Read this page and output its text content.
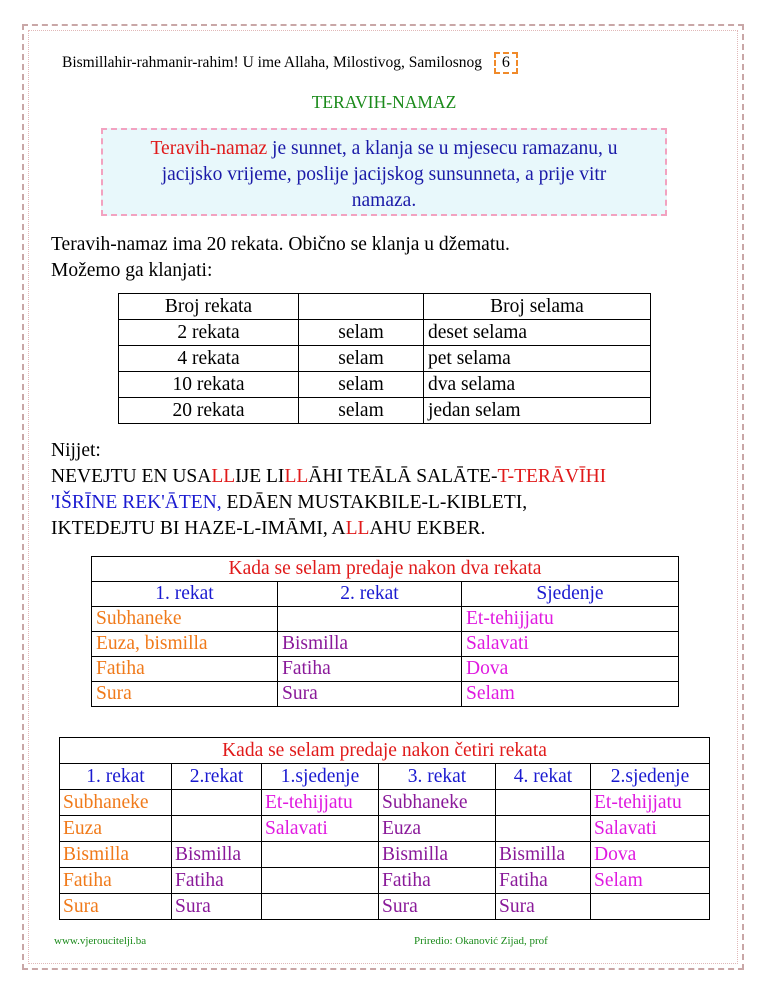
Bismillahir-rahmanir-rahim! U ime Allaha, Milostivog, Samilosnog 6
TERAVIH-NAMAZ
Teravih-namaz je sunnet, a klanja se u mjesecu ramazanu, u
jacijsko vrijeme, poslije jacijskog sunsunneta, a prije vitr
namaza.
Teravih-namaz ima 20 rekata. Obično se klanja u džematu.
Možemo ga klanjati:
Broj rekata		Broj selama
2 rekata	selam	deset selama
4 rekata	selam	pet selama
10 rekata	selam	dva selama
20 rekata	selam	jedan selam
Nijjet:
NEVEJTU EN USALLIJE LILLĀHI TEĀLĀ SALĀTE-T-TERĀVĪHI
'IŠRĪNE REK'ĀTEN, EDĀEN MUSTAKBILE-L-KIBLETI,
IKTEDEJTU BI HAZE-L-IMĀMI, ALLAHU EKBER.
Kada se selam predaje nakon dva rekata		
1. rekat	2. rekat	Sjedenje
Subhaneke		Et-tehijjatu
Euza, bismilla	Bismilla	Salavati
Fatiha	Fatiha	Dova
Sura	Sura	Selam
Kada se selam predaje nakon četiri rekata					
1. rekat	2.rekat	1.sjedenje	3. rekat	4. rekat	2.sjedenje
Subhaneke		Et-tehijjatu	Subhaneke		Et-tehijjatu
Euza		Salavati	Euza		Salavati
Bismilla	Bismilla		Bismilla	Bismilla	Dova
Fatiha	Fatiha		Fatiha	Fatiha	Selam
Sura	Sura		Sura	Sura	
www.vjeroucitelji.ba	Priredio: Okanović Zijad, prof
